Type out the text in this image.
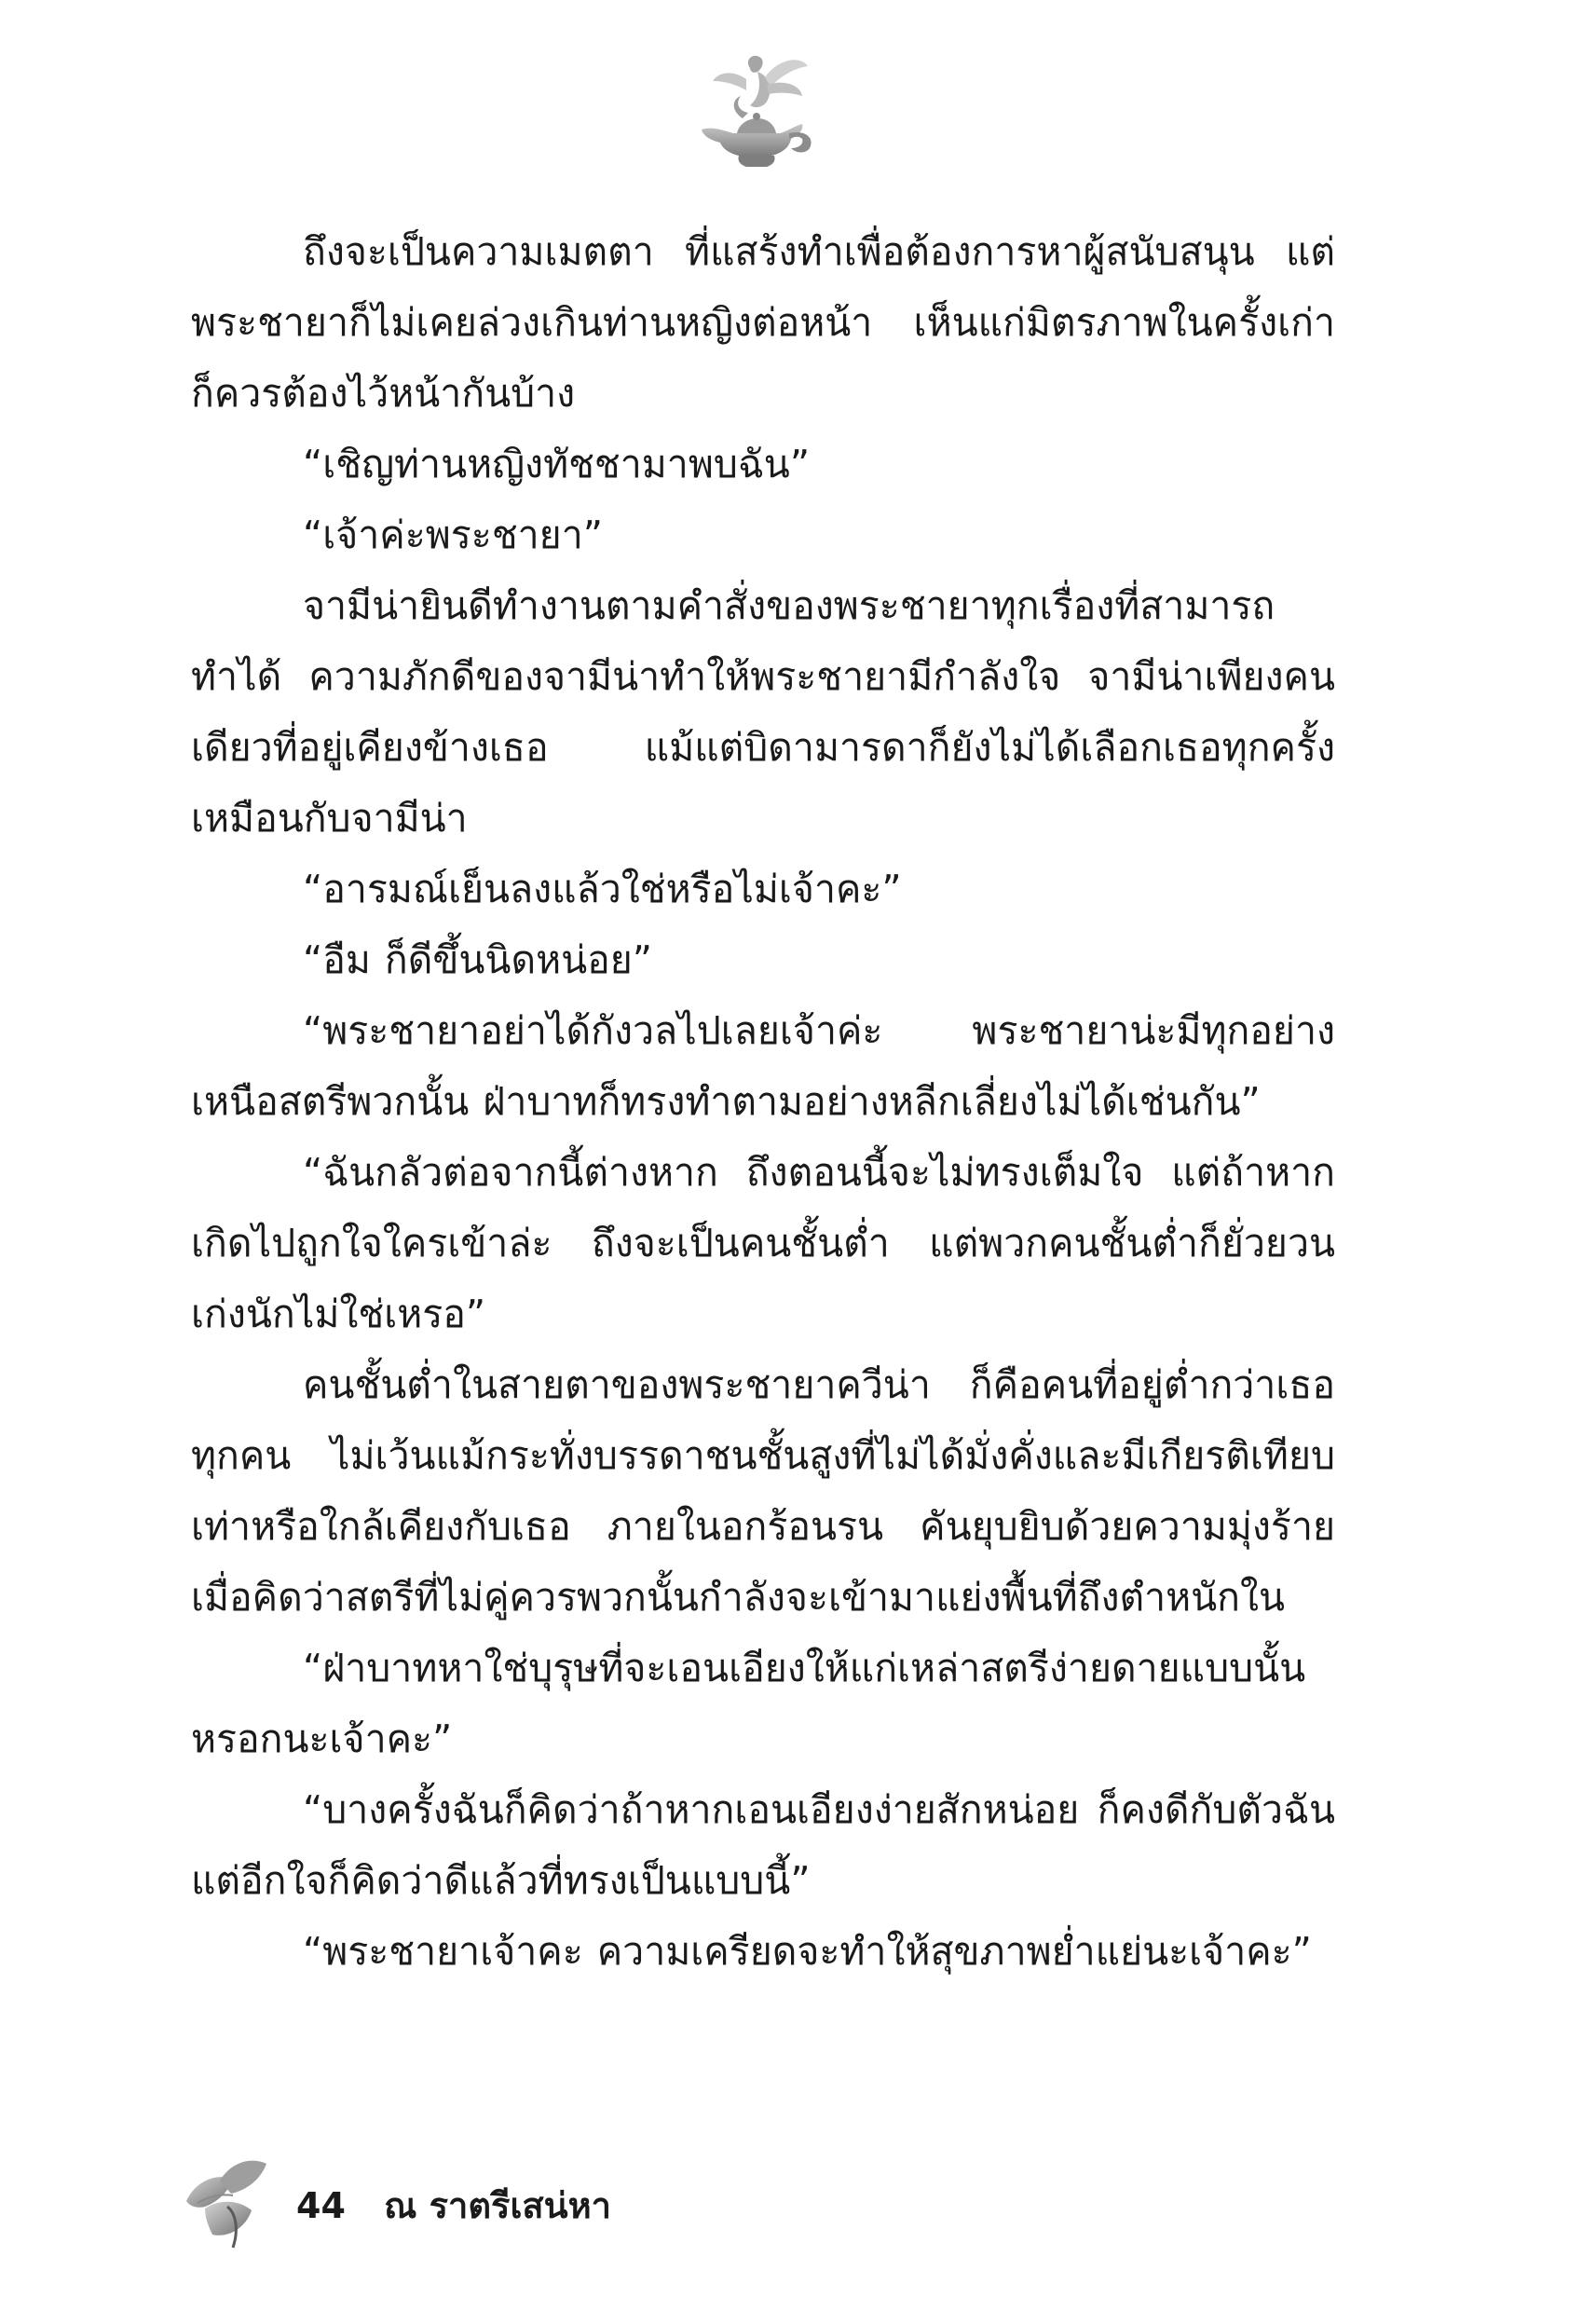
ถึงจะเป็นความเมตตา ที่แสร้งทำเพื่อต้องการหาผู้สนับสนุน แต่พระชายาก็ไม่เคยล่วงเกินท่านหญิงต่อหน้า เห็นแก่มิตรภาพในครั้งเก่า ก็ควรต้องไว้หน้ากันบ้าง

“เชิญท่านหญิงทัชชามาพบฉัน”

“เจ้าค่ะพระชายา”

จามีน่ายินดีทำงานตามคำสั่งของพระชายาทุกเรื่องที่สามารถทำได้ ความภักดีของจามีน่าทำให้พระชายามีกำลังใจ จามีน่าเพียงคนเดียวที่อยู่เคียงข้างเธอ แม้แต่บิดามารดาก็ยังไม่ได้เลือกเธอทุกครั้งเหมือนกับจามีน่า

“อารมณ์เย็นลงแล้วใช่หรือไม่เจ้าคะ”

“อืม ก็ดีขึ้นนิดหน่อย”

“พระชายาอย่าได้กังวลไปเลยเจ้าค่ะ พระชายาน่ะมีทุกอย่างเหนือสตรีพวกนั้น ฝ่าบาทก็ทรงทำตามอย่างหลีกเลี่ยงไม่ได้เช่นกัน”

“ฉันกลัวต่อจากนี้ต่างหาก ถึงตอนนี้จะไม่ทรงเต็มใจ แต่ถ้าหากเกิดไปถูกใจใครเข้าล่ะ ถึงจะเป็นคนชั้นต่ำ แต่พวกคนชั้นต่ำก็ยั่วยวนเก่งนักไม่ใช่เหรอ”

คนชั้นต่ำในสายตาของพระชายาควีน่า ก็คือคนที่อยู่ต่ำกว่าเธอทุกคน ไม่เว้นแม้กระทั่งบรรดาชนชั้นสูงที่ไม่ได้มั่งคั่งและมีเกียรติเทียบเท่าหรือใกล้เคียงกับเธอ ภายในอกร้อนรน คันยุบยิบด้วยความมุ่งร้าย เมื่อคิดว่าสตรีที่ไม่คู่ควรพวกนั้นกำลังจะเข้ามาแย่งพื้นที่ถึงตำหนักใน

“ฝ่าบาทหาใช่บุรุษที่จะเอนเอียงให้แก่เหล่าสตรีง่ายดายแบบนั้นหรอกนะเจ้าคะ”

“บางครั้งฉันก็คิดว่าถ้าหากเอนเอียงง่ายสักหน่อย ก็คงดีกับตัวฉัน แต่อีกใจก็คิดว่าดีแล้วที่ทรงเป็นแบบนี้”

“พระชายาเจ้าคะ ความเครียดจะทำให้สุขภาพย่ำแย่นะเจ้าคะ”

44 ณ ราตรีเสน่หา
